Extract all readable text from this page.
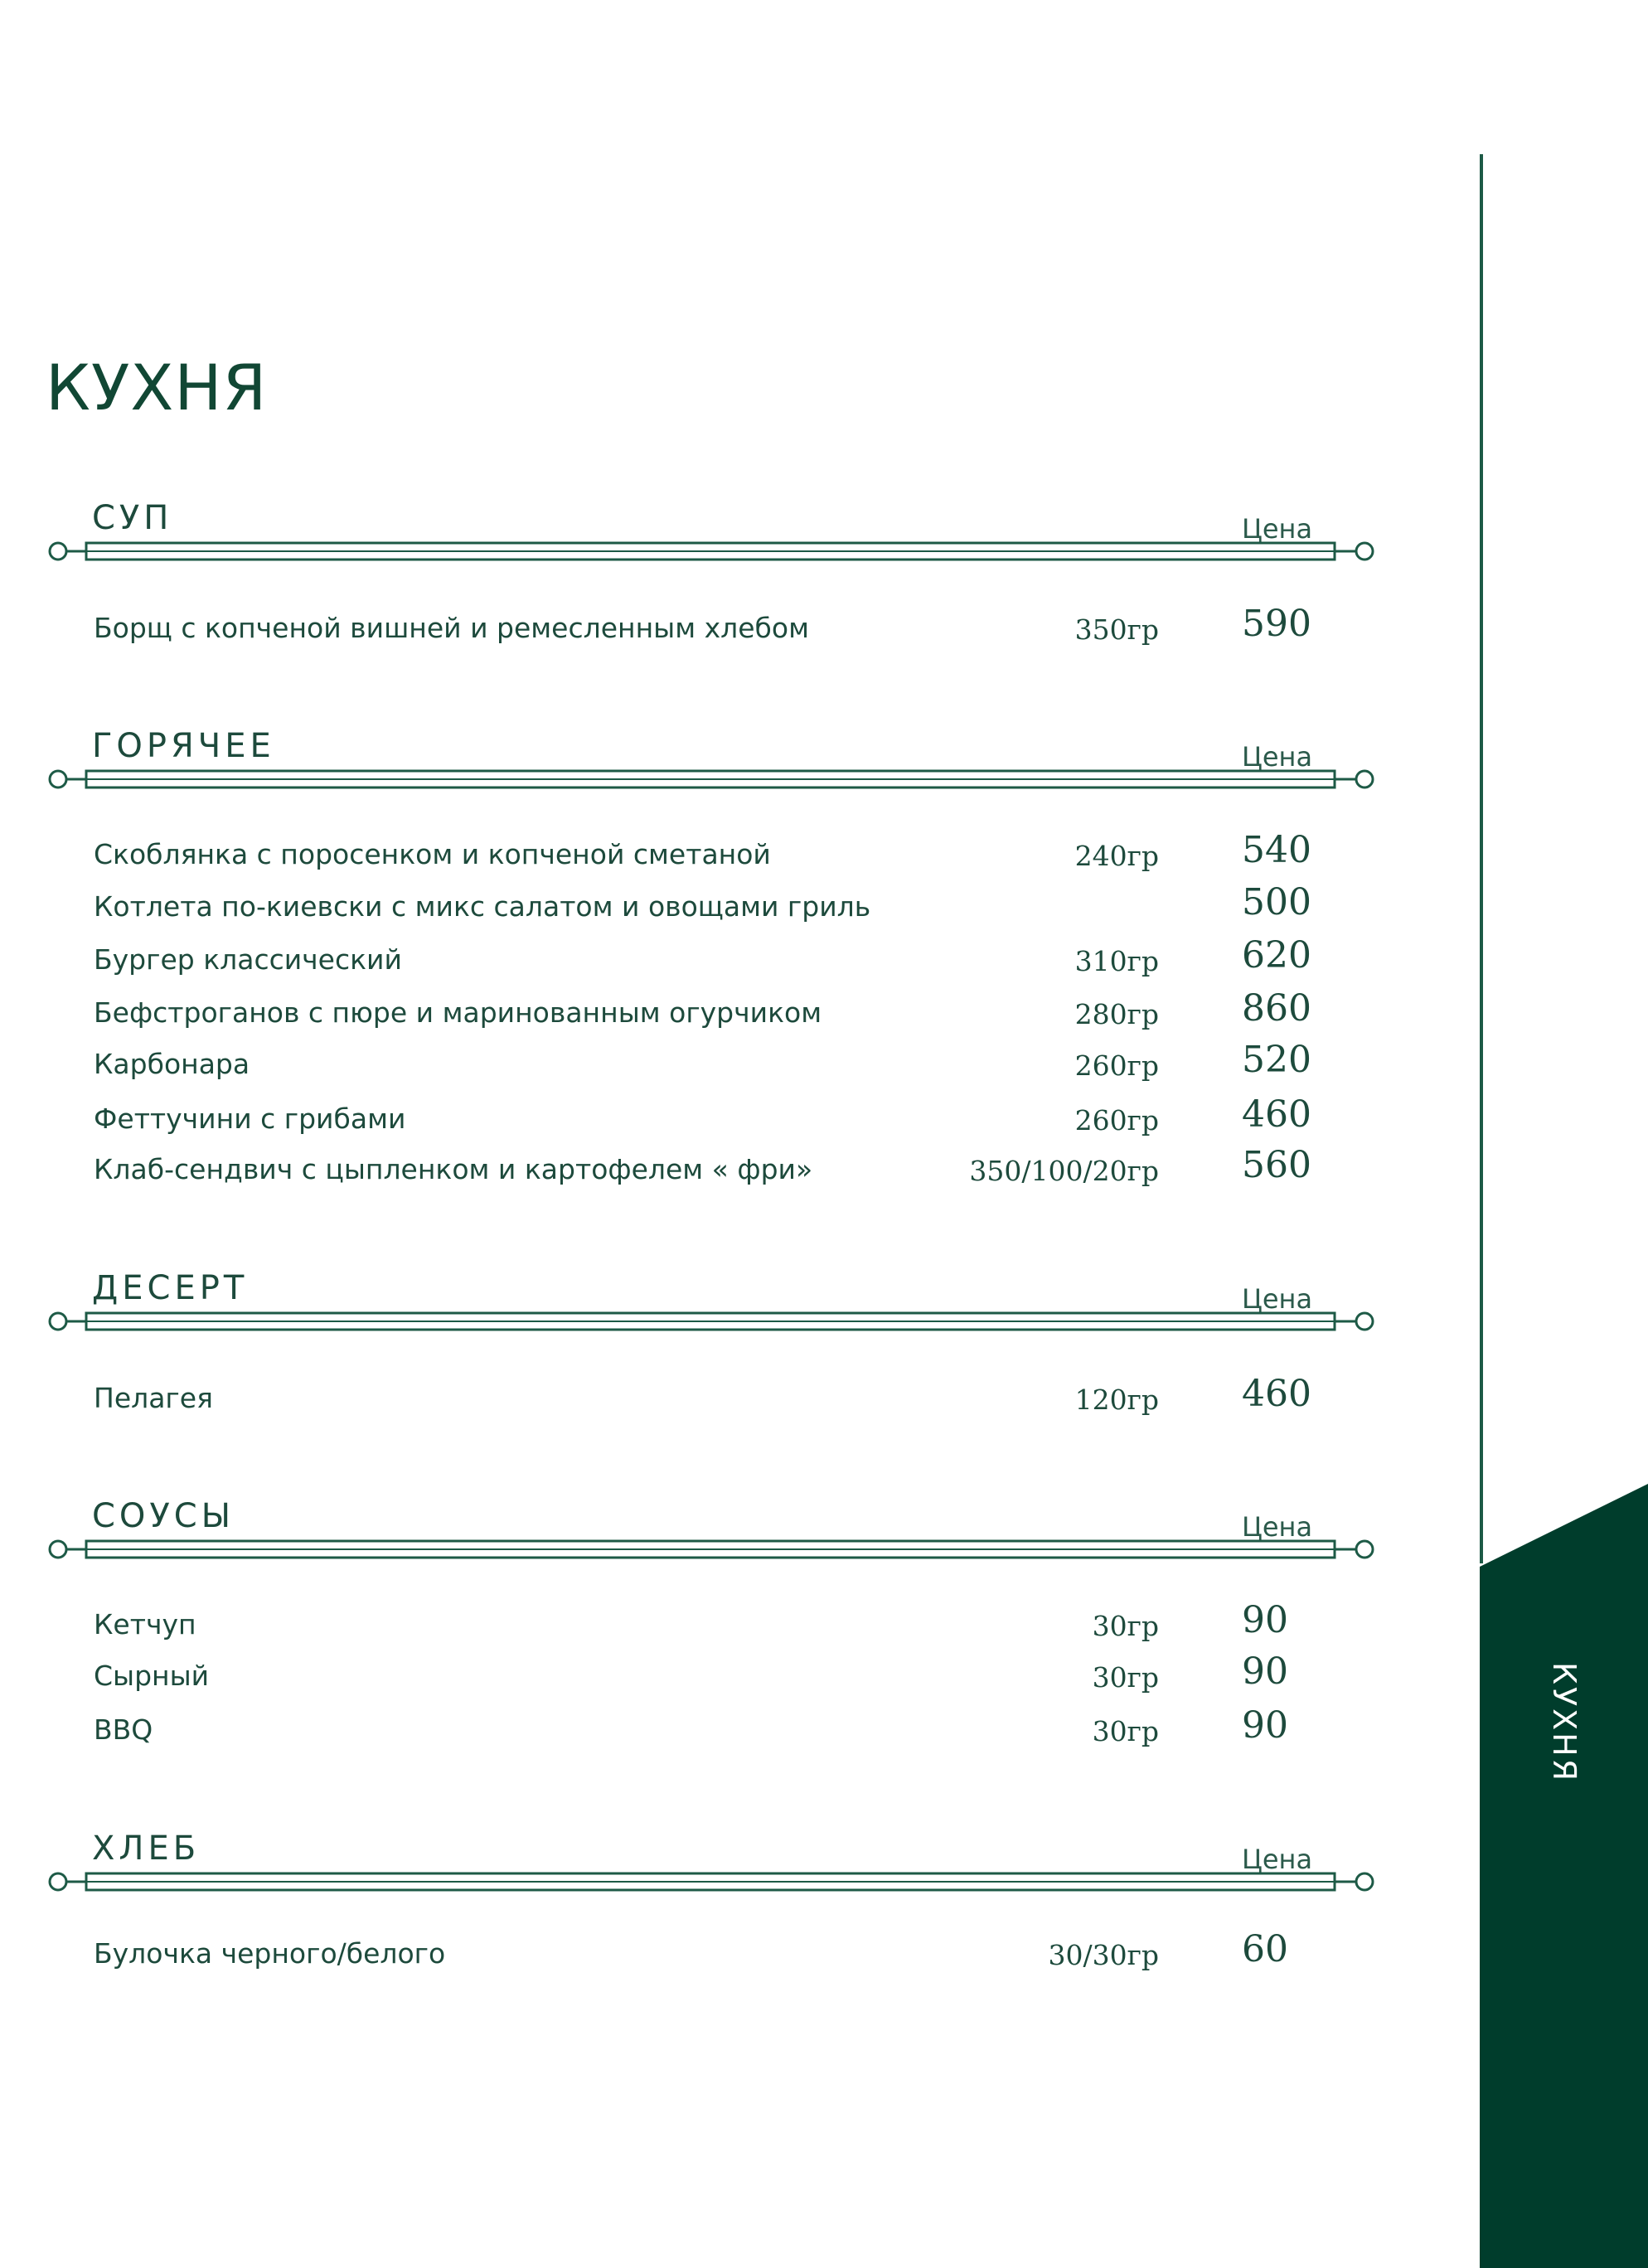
КУХНЯ
СУП	Цена
Борщ с копченой вишней и ремесленным хлебом	350гр 590
ГОРЯЧЕЕ	Цена
Скоблянка с поросенком и копченой сметаной	240гр 540
Котлета по-киевски с микс салатом и овощами гриль	500
Бургер классический	310гр 620
Бефстроганов с пюре и маринованным огурчиком	280гр 860
Карбонара	260гр 520
Феттучини с грибами	260гр 460
Клаб-сендвич с цыпленком и картофелем « фри»	350/100/20гр 560
ДЕСЕРТ	Цена
Пелагея	120гр 460
СОУСЫ	Цена
Кетчуп	30гр 90
Сырный	30гр 90
BBQ	30гр 90
ХЛЕБ	Цена
Булочка черного/белого	30/30гр 60
КУХНЯ
